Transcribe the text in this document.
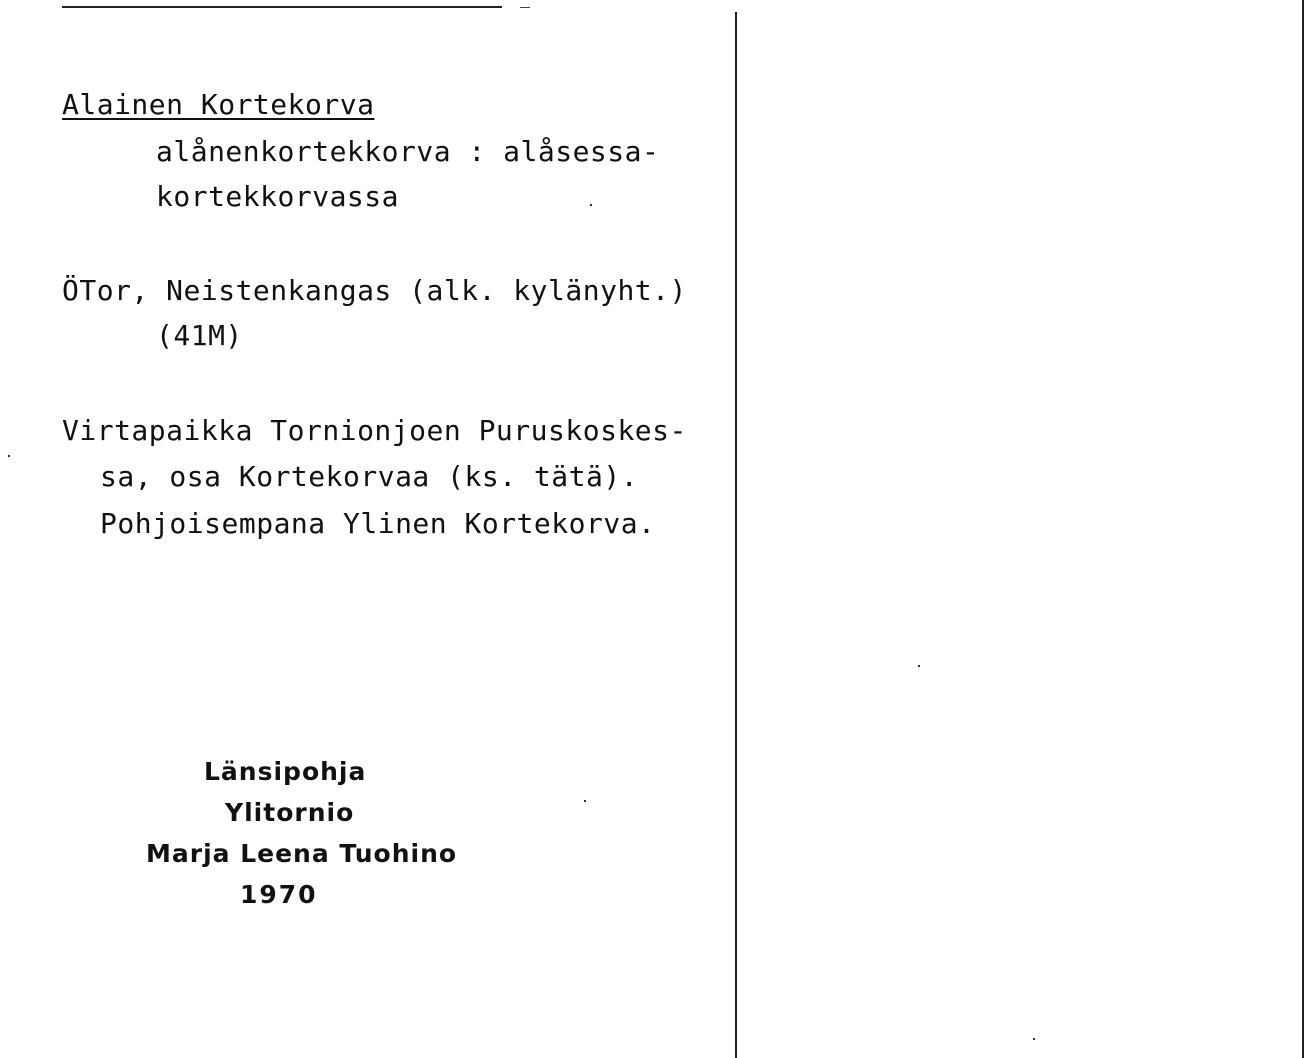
Alainen Kortekorva
alånenkortekkorva : alåsessa-
kortekkorvassa
ÖTor, Neistenkangas (alk. kylänyht.)
(41M)
Virtapaikka Tornionjoen Puruskoskes-
sa, osa Kortekorvaa (ks. tätä).
Pohjoisempana Ylinen Kortekorva.
Länsipohja
Ylitornio
Marja Leena Tuohino
1970
